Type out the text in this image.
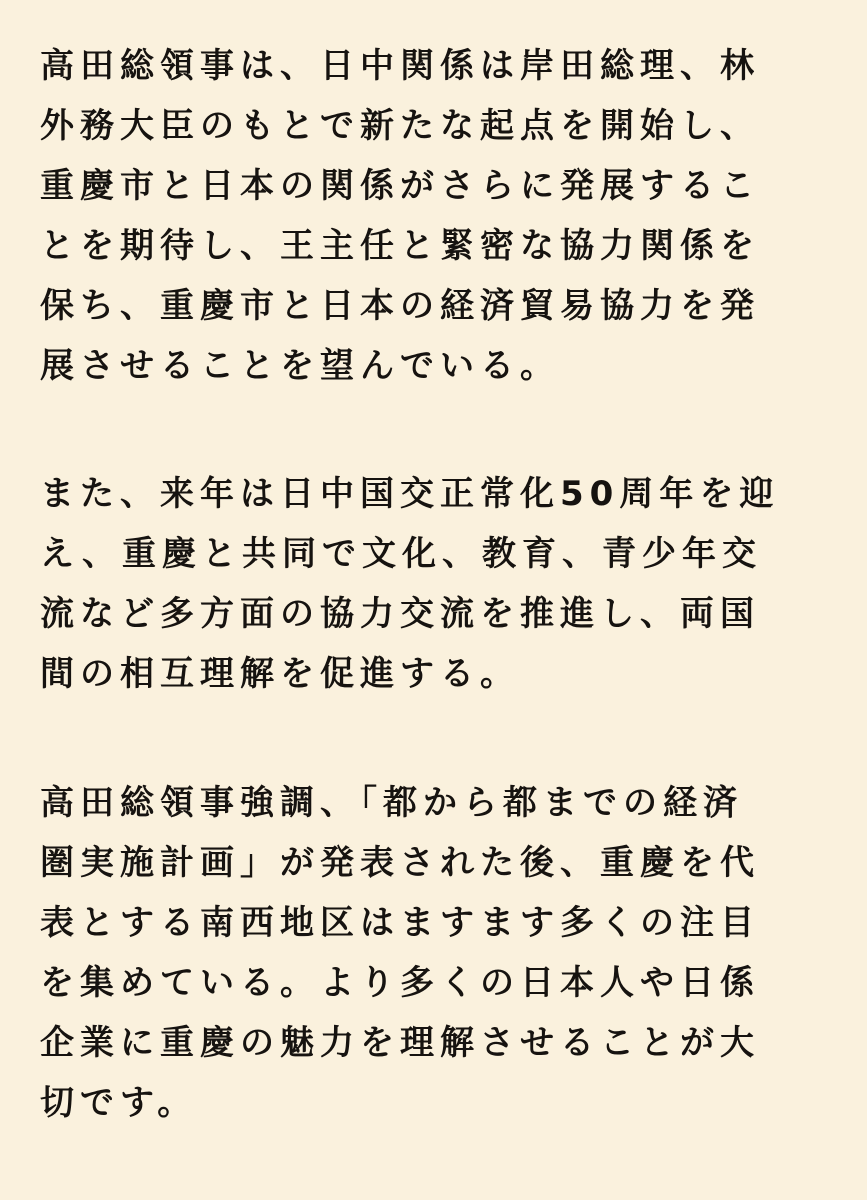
高田総領事は、日中関係は岸田総理、林
外務大臣のもとで新たな起点を開始し、
重慶市と日本の関係がさらに発展するこ
とを期待し、王主任と緊密な協力関係を
保ち、重慶市と日本の経済貿易協力を発
展させることを望んでいる。
また、来年は日中国交正常化50周年を迎
え、重慶と共同で文化、教育、青少年交
流など多方面の協力交流を推進し、両国
間の相互理解を促進する。
高田総領事強調、「都から都までの経済
圏実施計画」が発表された後、重慶を代
表とする南西地区はますます多くの注目
を集めている。より多くの日本人や日係
企業に重慶の魅力を理解させることが大
切です。
